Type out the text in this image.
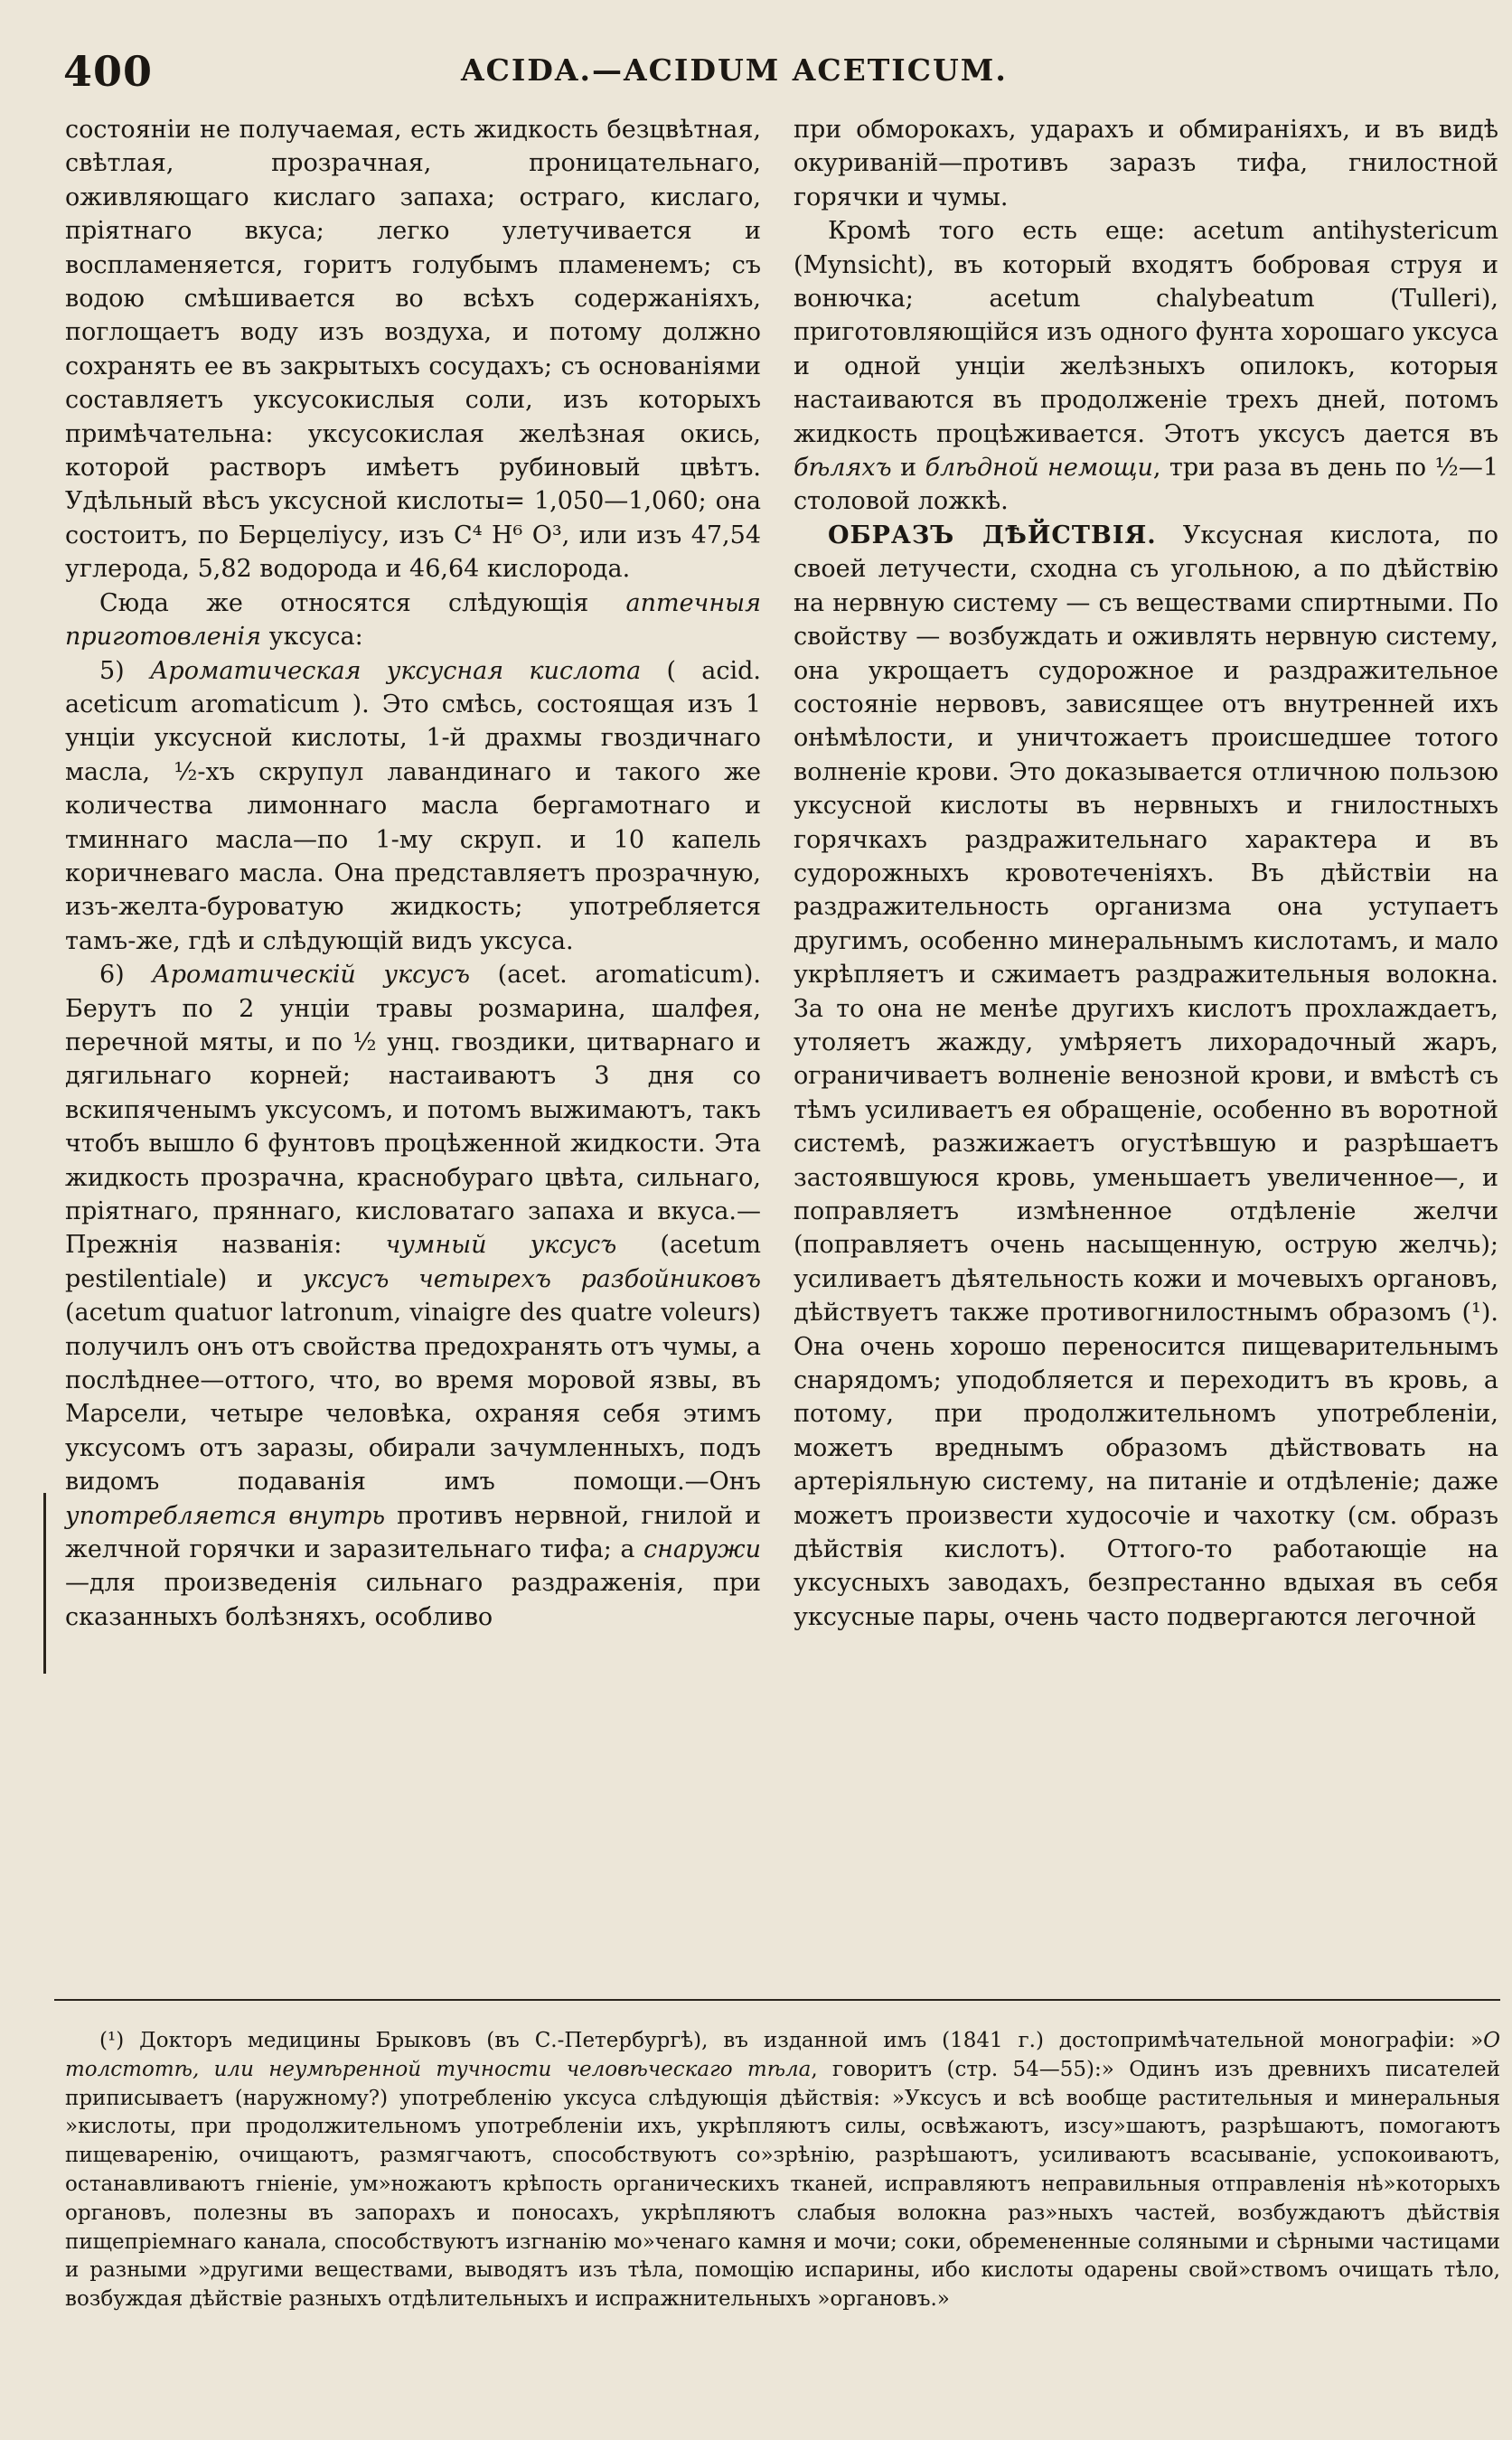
400	ACIDA.—ACIDUM ACETICUM.

состоянiи не получаемая, есть жидкость безцвѣтная, свѣтлая, прозрачная, проницательнаго, оживляющаго кислаго запаха; остраго, кислаго, прiятнаго вкуса; легко улетучивается и воспламеняется, горитъ голубымъ пламенемъ; съ водою смѣшивается во всѣхъ содержанiяхъ, поглощаетъ воду изъ воздуха, и потому должно сохранять ее въ закрытыхъ сосудахъ; съ основанiями составляетъ уксусокислыя соли, изъ которыхъ примѣчательна: уксусокислая желѣзная окись, которой растворъ имѣетъ рубиновый цвѣтъ. Удѣльный вѣсъ уксусной кислоты= 1,050—1,060; она состоитъ, по Берцелiусу, изъ C⁴ H⁶ O³, или изъ 47,54 углерода, 5,82 водорода и 46,64 кислорода.

Сюда же относятся слѣдующiя аптечныя приготовленiя уксуса:

5) Ароматическая уксусная кислота ( acid. aceticum aromaticum ). Это смѣсь, состоящая изъ 1 унцiи уксусной кислоты, 1-й драхмы гвоздичнаго масла, ½-хъ скрупул лавандинаго и такого же количества лимоннаго масла бергамотнаго и тминнаго масла—по 1-му скруп. и 10 капель коричневаго масла. Она представляетъ прозрачную, изъ-желта-буроватую жидкость; употребляется тамъ-же, гдѣ и слѣдующiй видъ уксуса.

6) Ароматическiй уксусъ (acet. aromaticum). Берутъ по 2 унцiи травы розмарина, шалфея, перечной мяты, и по ½ унц. гвоздики, цитварнаго и дягильнаго корней; настаиваютъ 3 дня со вскипяченымъ уксусомъ, и потомъ выжимаютъ, такъ чтобъ вышло 6 фунтовъ процѣженной жидкости. Эта жидкость прозрачна, краснобураго цвѣта, сильнаго, прiятнаго, пряннаго, кисловатаго запаха и вкуса.—Прежнiя названiя: чумный уксусъ (acetum pestilentiale) и уксусъ четырехъ разбойниковъ (acetum quatuor latronum, vinaigre des quatre voleurs) получилъ онъ отъ свойства предохранять отъ чумы, а послѣднее—оттого, что, во время моровой язвы, въ Марсели, четыре человѣка, охраняя себя этимъ уксусомъ отъ заразы, обирали зачумленныхъ, подъ видомъ подаванiя имъ помощи.—Онъ употребляется внутрь противъ нервной, гнилой и желчной горячки и заразительнаго тифа; а снаружи—для произведенiя сильнаго раздраженiя, при сказанныхъ болѣзняхъ, особливо

при обморокахъ, ударахъ и обмиранiяхъ, и въ видѣ окуриванiй—противъ заразъ тифа, гнилостной горячки и чумы.

Кромѣ того есть еще: acetum antihystericum (Mynsicht), въ который входятъ бобровая струя и вонючка; acetum chalybeatum (Tulleri), приготовляющiйся изъ одного фунта хорошаго уксуса и одной унцiи желѣзныхъ опилокъ, которыя настаиваются въ продолженiе трехъ дней, потомъ жидкость процѣживается. Этотъ уксусъ дается въ бѣляхъ и блѣдной немощи, три раза въ день по ½—1 столовой ложкѣ.

ОБРАЗЪ ДѢЙСТВIЯ. Уксусная кислота, по своей летучести, сходна съ угольною, а по дѣйствiю на нервную систему — съ веществами спиртными. По свойству — возбуждать и оживлять нервную систему, она укрощаетъ судорожное и раздражительное состоянiе нервовъ, зависящее отъ внутренней ихъ онѣмѣлости, и уничтожаетъ происшедшее тотого волненiе крови. Это доказывается отличною пользою уксусной кислоты въ нервныхъ и гнилостныхъ горячкахъ раздражительнаго характера и въ судорожныхъ кровотеченiяхъ. Въ дѣйствiи на раздражительность организма она уступаетъ другимъ, особенно минеральнымъ кислотамъ, и мало укрѣпляетъ и сжимаетъ раздражительныя волокна. За то она не менѣе другихъ кислотъ прохлаждаетъ, утоляетъ жажду, умѣряетъ лихорадочный жаръ, ограничиваетъ волненiе венозной крови, и вмѣстѣ съ тѣмъ усиливаетъ ея обращенiе, особенно въ воротной системѣ, разжижаетъ огустѣвшую и разрѣшаетъ застоявшуюся кровь, уменьшаетъ увеличенное—, и поправляетъ измѣненное отдѣленiе желчи (поправляетъ очень насыщенную, острую желчь); усиливаетъ дѣятельность кожи и мочевыхъ органовъ, дѣйствуетъ также противогнилостнымъ образомъ (¹). Она очень хорошо переносится пищеварительнымъ снарядомъ; уподобляется и переходитъ въ кровь, а потому, при продолжительномъ употребленiи, можетъ вреднымъ образомъ дѣйствовать на артерiяльную систему, на питанiе и отдѣленiе; даже можетъ произвести худосочiе и чахотку (см. образъ дѣйствiя кислотъ). Оттого-то работающiе на уксусныхъ заводахъ, безпрестанно вдыхая въ себя уксусные пары, очень часто подвергаются легочной

(¹) Докторъ медицины Брыковъ (въ С.-Петербургѣ), въ изданной имъ (1841 г.) достопримѣчательной монографiи: »О толстотѣ, или неумѣренной тучности человѣческаго тѣла, говоритъ (стр. 54—55):» Одинъ изъ древнихъ писателей приписываетъ (наружному?) употребленiю уксуса слѣдующiя дѣйствiя: »Уксусъ и всѣ вообще растительныя и минеральныя »кислоты, при продолжительномъ употребленiи ихъ, укрѣпляютъ силы, освѣжаютъ, изсу»шаютъ, разрѣшаютъ, помогаютъ пищеваренiю, очищаютъ, размягчаютъ, способствуютъ со»зрѣнiю, разрѣшаютъ, усиливаютъ всасыванiе, успокоиваютъ, останавливаютъ гнiенiе, ум»ножаютъ крѣпость органическихъ тканей, исправляютъ неправильныя отправленiя нѣ»которыхъ органовъ, полезны въ запорахъ и поносахъ, укрѣпляютъ слабыя волокна раз»ныхъ частей, возбуждаютъ дѣйствiя пищепрiемнаго канала, способствуютъ изгнанiю мо»ченаго камня и мочи; соки, обремененные соляными и сѣрными частицами и разными »другими веществами, выводятъ изъ тѣла, помощiю испарины, ибо кислоты одарены свой»ствомъ очищать тѣло, возбуждая дѣйствiе разныхъ отдѣлительныхъ и испражнительныхъ »органовъ.»
